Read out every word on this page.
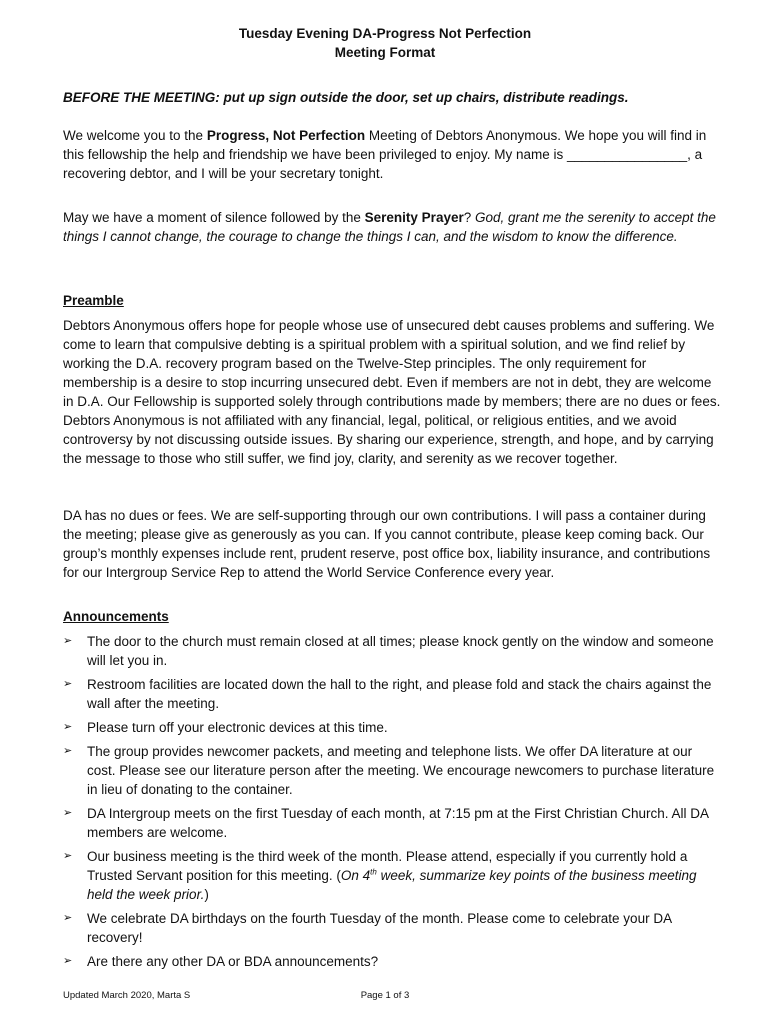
Tuesday Evening DA-Progress Not Perfection
Meeting Format
BEFORE THE MEETING: put up sign outside the door, set up chairs, distribute readings.
We welcome you to the Progress, Not Perfection Meeting of Debtors Anonymous. We hope you will find in this fellowship the help and friendship we have been privileged to enjoy. My name is ________________, a recovering debtor, and I will be your secretary tonight.
May we have a moment of silence followed by the Serenity Prayer? God, grant me the serenity to accept the things I cannot change, the courage to change the things I can, and the wisdom to know the difference.
Preamble
Debtors Anonymous offers hope for people whose use of unsecured debt causes problems and suffering. We come to learn that compulsive debting is a spiritual problem with a spiritual solution, and we find relief by working the D.A. recovery program based on the Twelve-Step principles. The only requirement for membership is a desire to stop incurring unsecured debt. Even if members are not in debt, they are welcome in D.A. Our Fellowship is supported solely through contributions made by members; there are no dues or fees. Debtors Anonymous is not affiliated with any financial, legal, political, or religious entities, and we avoid controversy by not discussing outside issues. By sharing our experience, strength, and hope, and by carrying the message to those who still suffer, we find joy, clarity, and serenity as we recover together.
DA has no dues or fees. We are self-supporting through our own contributions. I will pass a container during the meeting; please give as generously as you can. If you cannot contribute, please keep coming back. Our group’s monthly expenses include rent, prudent reserve, post office box, liability insurance, and contributions for our Intergroup Service Rep to attend the World Service Conference every year.
Announcements
➢ The door to the church must remain closed at all times; please knock gently on the window and someone will let you in.
➢ Restroom facilities are located down the hall to the right, and please fold and stack the chairs against the wall after the meeting.
➢ Please turn off your electronic devices at this time.
➢ The group provides newcomer packets, and meeting and telephone lists. We offer DA literature at our cost. Please see our literature person after the meeting. We encourage newcomers to purchase literature in lieu of donating to the container.
➢ DA Intergroup meets on the first Tuesday of each month, at 7:15 pm at the First Christian Church. All DA members are welcome.
➢ Our business meeting is the third week of the month. Please attend, especially if you currently hold a Trusted Servant position for this meeting. (On 4th week, summarize key points of the business meeting held the week prior.)
➢ We celebrate DA birthdays on the fourth Tuesday of the month. Please come to celebrate your DA recovery!
➢ Are there any other DA or BDA announcements?
Updated March 2020, Marta S	Page 1 of 3
